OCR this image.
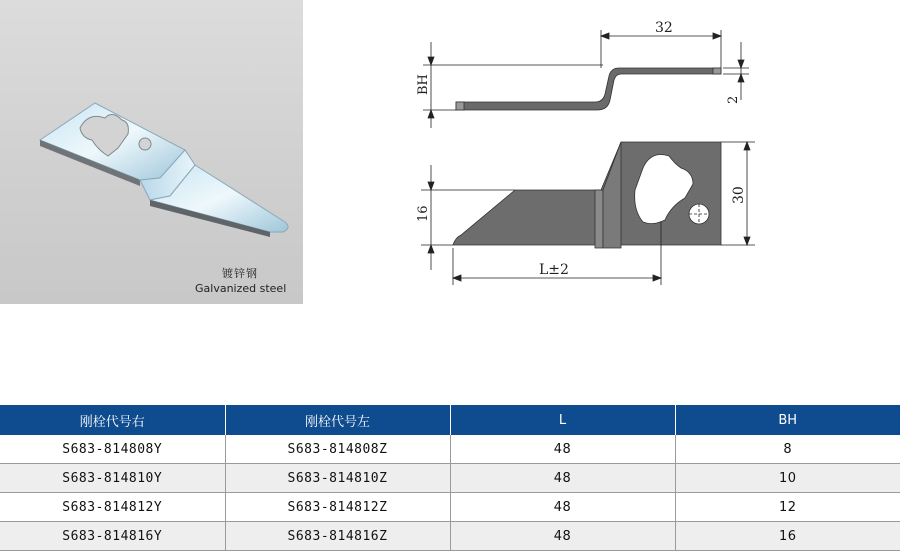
镀锌钢
Galvanized steel
32
BH
2
16
30
L±2
刚栓代号右	刚栓代号左	L	BH
S683-814808Y	S683-814808Z	48	8
S683-814810Y	S683-814810Z	48	10
S683-814812Y	S683-814812Z	48	12
S683-814816Y	S683-814816Z	48	16
